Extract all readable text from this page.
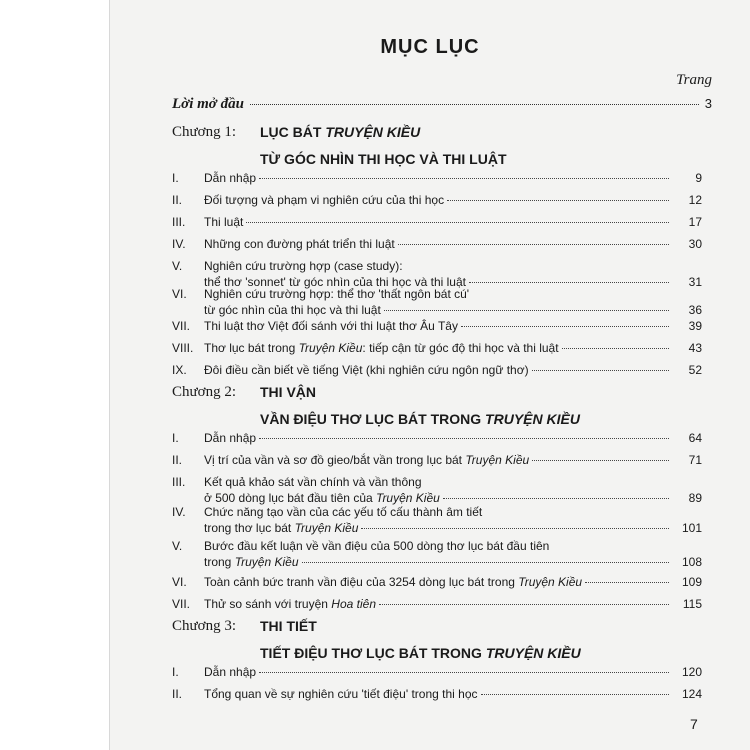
MỤC LỤC
Trang
Lời mở đầu	3
Chương 1: LỤC BÁT TRUYỆN KIỀU
TỪ GÓC NHÌN THI HỌC VÀ THI LUẬT
I.	Dẫn nhập	9
II.	Đối tượng và phạm vi nghiên cứu của thi học	12
III.	Thi luật	17
IV.	Những con đường phát triển thi luật	30
V.	Nghiên cứu trường hợp (case study):
thể thơ 'sonnet' từ góc nhìn của thi học và thi luật	31
VI.	Nghiên cứu trường hợp: thể thơ 'thất ngôn bát cú'
từ góc nhìn của thi học và thi luật	36
VII.	Thi luật thơ Việt đối sánh với thi luật thơ Âu Tây	39
VIII. Thơ lục bát trong Truyện Kiều: tiếp cận từ góc độ thi học và thi luật	43
IX.	Đôi điều cần biết về tiếng Việt (khi nghiên cứu ngôn ngữ thơ)	52
Chương 2: THI VẬN
VẦN ĐIỆU THƠ LỤC BÁT TRONG TRUYỆN KIỀU
I.	Dẫn nhập	64
II.	Vị trí của vần và sơ đồ gieo/bắt vần trong lục bát Truyện Kiều	71
III.	Kết quả khảo sát vần chính và vần thông
ở 500 dòng lục bát đầu tiên của Truyện Kiều	89
IV.	Chức năng tạo vần của các yếu tố cấu thành âm tiết
trong thơ lục bát Truyện Kiều	101
V.	Bước đầu kết luận về vần điệu của 500 dòng thơ lục bát đầu tiên
trong Truyện Kiều	108
VI.	Toàn cảnh bức tranh vần điệu của 3254 dòng lục bát trong Truyện Kiều	109
VII.	Thử so sánh với truyện Hoa tiên	115
Chương 3: THI TIẾT
TIẾT ĐIỆU THƠ LỤC BÁT TRONG TRUYỆN KIỀU
I.	Dẫn nhập	120
II.	Tổng quan về sự nghiên cứu 'tiết điệu' trong thi học	124
7
